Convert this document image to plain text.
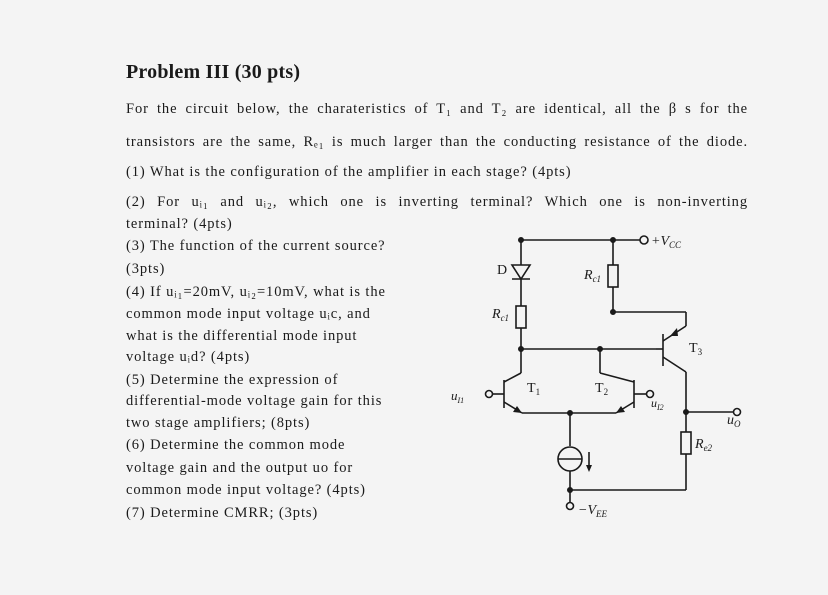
Problem III (30 pts)
For the circuit below, the charateristics of T₁ and T₂ are identical, all the β s for the
transistors are the same, Rₑ₁ is much larger than the conducting resistance of the diode.
(1) What is the configuration of the amplifier in each stage? (4pts)
(2) For uᵢ₁ and uᵢ₂, which one is inverting terminal? Which one is non-inverting
terminal? (4pts)
(3) The function of the current source?
(3pts)
(4) If uᵢ₁=20mV, uᵢ₂=10mV, what is the
common mode input voltage uᵢc, and
what is the differential mode input
voltage uᵢd? (4pts)
(5) Determine the expression of
differential-mode voltage gain for this
two stage amplifiers; (8pts)
(6) Determine the common mode
voltage gain and the output uo for
common mode input voltage? (4pts)
(7) Determine CMRR; (3pts)
$+V_{CC}$
D
$R_{c1}$
$R_{c1}$
$T_3$
$u_O$
$R_{e2}$
$T_1$
$u_{I1}$
$T_2$
$u_{I2}$
$-V_{EE}$
